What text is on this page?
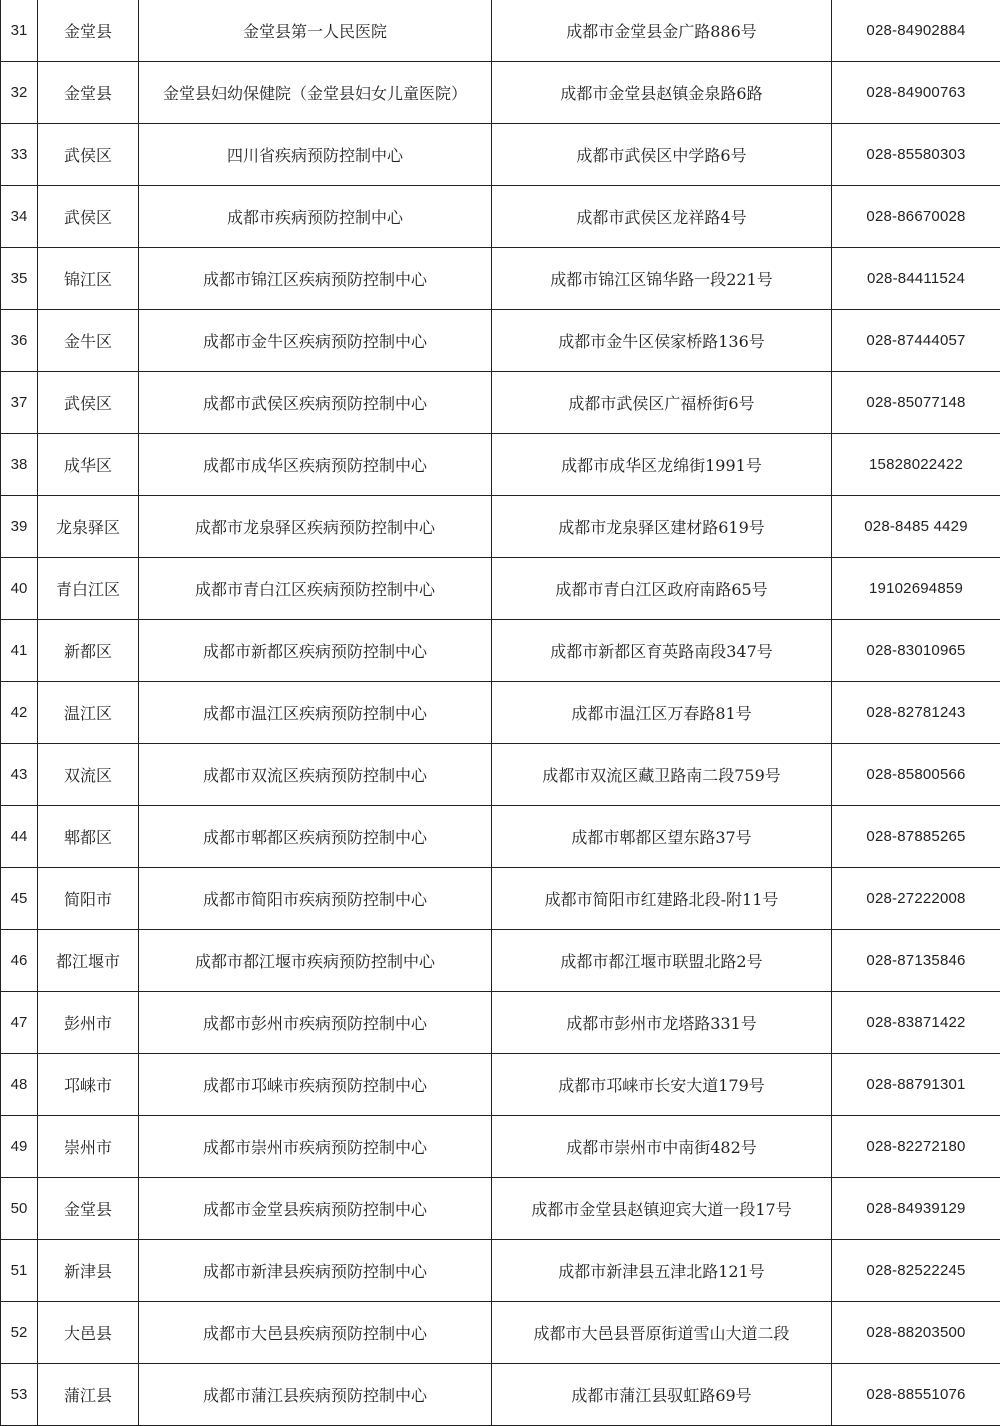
31	金堂县	金堂县第一人民医院	成都市金堂县金广路886号	028-84902884
32	金堂县	金堂县妇幼保健院（金堂县妇女儿童医院）	成都市金堂县赵镇金泉路6路	028-84900763
33	武侯区	四川省疾病预防控制中心	成都市武侯区中学路6号	028-85580303
34	武侯区	成都市疾病预防控制中心	成都市武侯区龙祥路4号	028-86670028
35	锦江区	成都市锦江区疾病预防控制中心	成都市锦江区锦华路一段221号	028-84411524
36	金牛区	成都市金牛区疾病预防控制中心	成都市金牛区侯家桥路136号	028-87444057
37	武侯区	成都市武侯区疾病预防控制中心	成都市武侯区广福桥街6号	028-85077148
38	成华区	成都市成华区疾病预防控制中心	成都市成华区龙绵街1991号	15828022422
39	龙泉驿区	成都市龙泉驿区疾病预防控制中心	成都市龙泉驿区建材路619号	028-8485 4429
40	青白江区	成都市青白江区疾病预防控制中心	成都市青白江区政府南路65号	19102694859
41	新都区	成都市新都区疾病预防控制中心	成都市新都区育英路南段347号	028-83010965
42	温江区	成都市温江区疾病预防控制中心	成都市温江区万春路81号	028-82781243
43	双流区	成都市双流区疾病预防控制中心	成都市双流区藏卫路南二段759号	028-85800566
44	郫都区	成都市郫都区疾病预防控制中心	成都市郫都区望东路37号	028-87885265
45	简阳市	成都市简阳市疾病预防控制中心	成都市简阳市红建路北段-附11号	028-27222008
46	都江堰市	成都市都江堰市疾病预防控制中心	成都市都江堰市联盟北路2号	028-87135846
47	彭州市	成都市彭州市疾病预防控制中心	成都市彭州市龙塔路331号	028-83871422
48	邛崃市	成都市邛崃市疾病预防控制中心	成都市邛崃市长安大道179号	028-88791301
49	崇州市	成都市崇州市疾病预防控制中心	成都市崇州市中南街482号	028-82272180
50	金堂县	成都市金堂县疾病预防控制中心	成都市金堂县赵镇迎宾大道一段17号	028-84939129
51	新津县	成都市新津县疾病预防控制中心	成都市新津县五津北路121号	028-82522245
52	大邑县	成都市大邑县疾病预防控制中心	成都市大邑县晋原街道雪山大道二段	028-88203500
53	蒲江县	成都市蒲江县疾病预防控制中心	成都市蒲江县驭虹路69号	028-88551076
